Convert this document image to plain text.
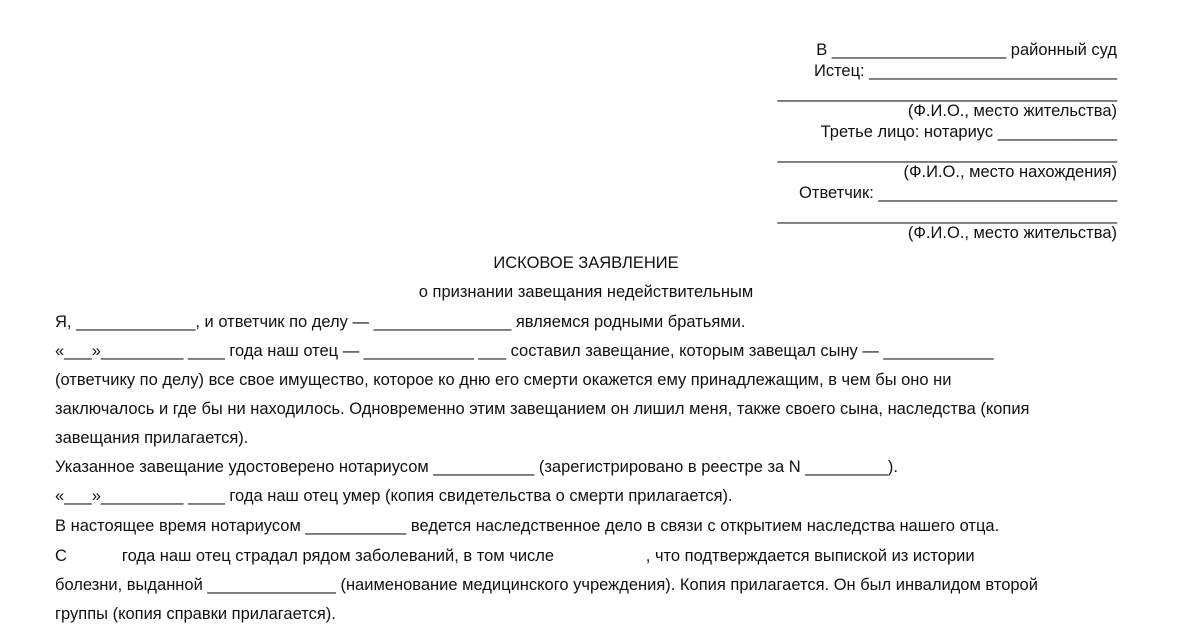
В ___________________ районный суд
Истец: ___________________________
_____________________________________
(Ф.И.О., место жительства)
Третье лицо: нотариус _____________
_____________________________________
(Ф.И.О., место нахождения)
Ответчик: __________________________
_____________________________________
(Ф.И.О., место жительства)
ИСКОВОЕ ЗАЯВЛЕНИЕ
о признании завещания недействительным
Я, _____________, и ответчик по делу — _______________ являемся родными братьями.
«___»_________ ____ года наш отец — ____________ ___ составил завещание, которым завещал сыну — ____________
(ответчику по делу) все свое имущество, которое ко дню его смерти окажется ему принадлежащим, в чем бы оно ни
заключалось и где бы ни находилось. Одновременно этим завещанием он лишил меня, также своего сына, наследства (копия
завещания прилагается).
Указанное завещание удостоверено нотариусом ___________ (зарегистрировано в реестре за N _________).
«___»_________ ____ года наш отец умер (копия свидетельства о смерти прилагается).
В настоящее время нотариусом ___________ ведется наследственное дело в связи с открытием наследства нашего отца.
С            года наш отец страдал рядом заболеваний, в том числе                    , что подтверждается выпиской из истории
болезни, выданной ______________ (наименование медицинского учреждения). Копия прилагается. Он был инвалидом второй
группы (копия справки прилагается).
